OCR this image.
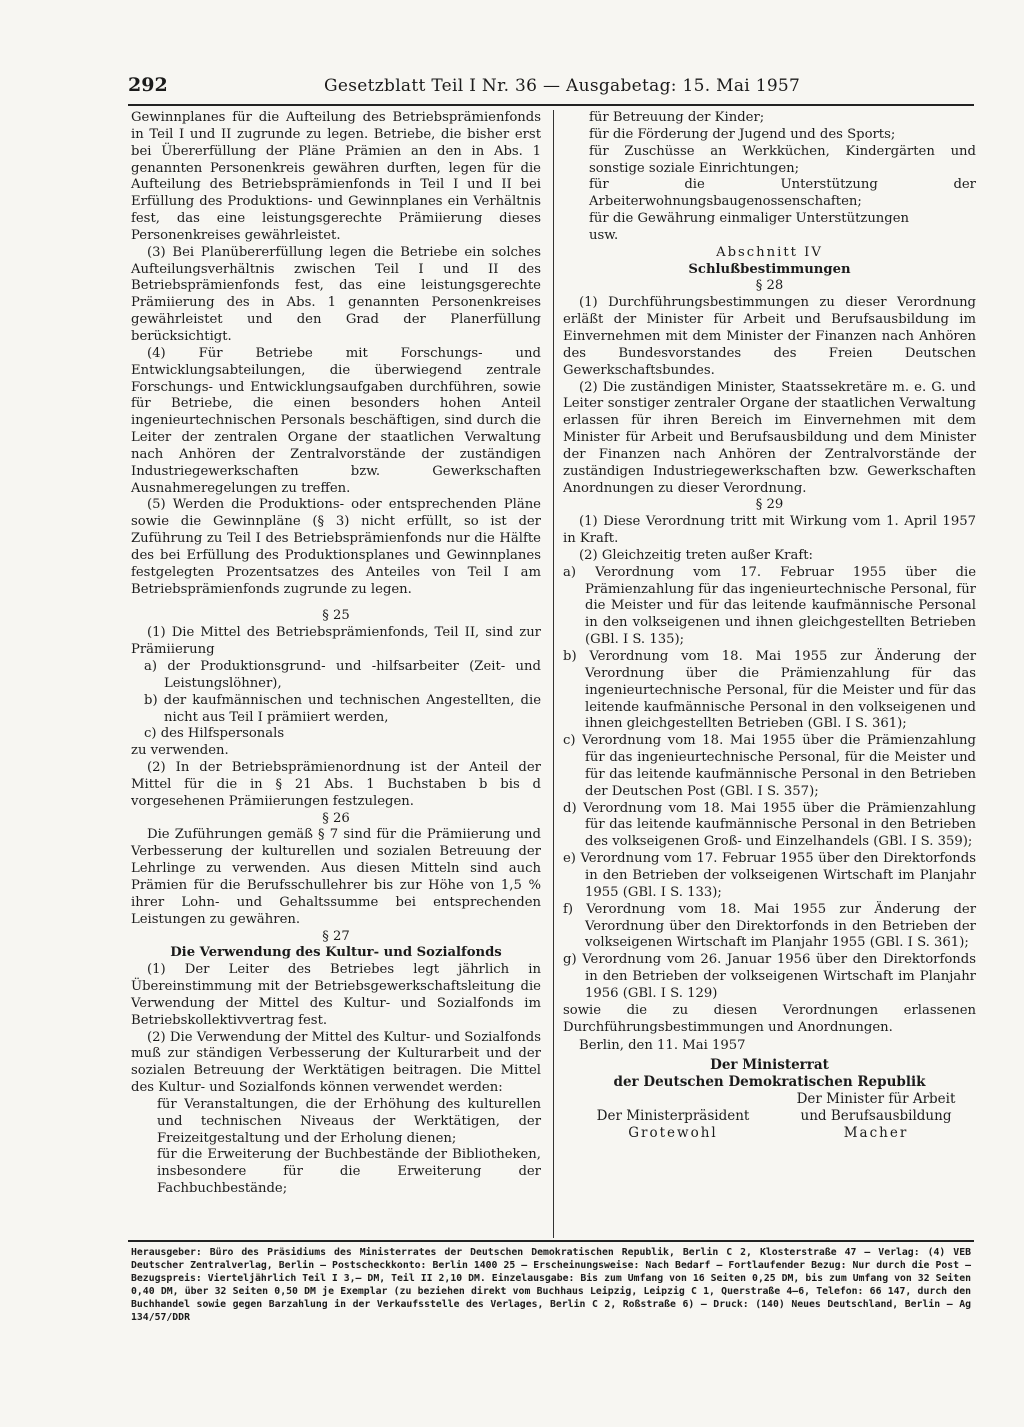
292	Gesetzblatt Teil I Nr. 36 — Ausgabetag: 15. Mai 1957

Gewinnplanes für die Aufteilung des Betriebsprämienfonds in Teil I und II zugrunde zu legen. Betriebe, die bisher erst bei Übererfüllung der Pläne Prämien an den in Abs. 1 genannten Personenkreis gewähren durften, legen für die Aufteilung des Betriebsprämienfonds in Teil I und II bei Erfüllung des Produktions- und Gewinnplanes ein Verhältnis fest, das eine leistungsgerechte Prämiierung dieses Personenkreises gewährleistet.

(3) Bei Planübererfüllung legen die Betriebe ein solches Aufteilungsverhältnis zwischen Teil I und II des Betriebsprämienfonds fest, das eine leistungsgerechte Prämiierung des in Abs. 1 genannten Personenkreises gewährleistet und den Grad der Planerfüllung berücksichtigt.

(4) Für Betriebe mit Forschungs- und Entwicklungsabteilungen, die überwiegend zentrale Forschungs- und Entwicklungsaufgaben durchführen, sowie für Betriebe, die einen besonders hohen Anteil ingenieurtechnischen Personals beschäftigen, sind durch die Leiter der zentralen Organe der staatlichen Verwaltung nach Anhören der Zentralvorstände der zuständigen Industriegewerkschaften bzw. Gewerkschaften Ausnahmeregelungen zu treffen.

(5) Werden die Produktions- oder entsprechenden Pläne sowie die Gewinnpläne (§ 3) nicht erfüllt, so ist der Zuführung zu Teil I des Betriebsprämienfonds nur die Hälfte des bei Erfüllung des Produktionsplanes und Gewinnplanes festgelegten Prozentsatzes des Anteiles von Teil I am Betriebsprämienfonds zugrunde zu legen.

§ 25

(1) Die Mittel des Betriebsprämienfonds, Teil II, sind zur Prämiierung

a) der Produktionsgrund- und -hilfsarbeiter (Zeit- und Leistungslöhner),

b) der kaufmännischen und technischen Angestellten, die nicht aus Teil I prämiiert werden,

c) des Hilfspersonals

zu verwenden.

(2) In der Betriebsprämienordnung ist der Anteil der Mittel für die in § 21 Abs. 1 Buchstaben b bis d vorgesehenen Prämiierungen festzulegen.

§ 26

Die Zuführungen gemäß § 7 sind für die Prämiierung und Verbesserung der kulturellen und sozialen Betreuung der Lehrlinge zu verwenden. Aus diesen Mitteln sind auch Prämien für die Berufsschullehrer bis zur Höhe von 1,5 % ihrer Lohn- und Gehaltssumme bei entsprechenden Leistungen zu gewähren.

§ 27

Die Verwendung des Kultur- und Sozialfonds

(1) Der Leiter des Betriebes legt jährlich in Übereinstimmung mit der Betriebsgewerkschaftsleitung die Verwendung der Mittel des Kultur- und Sozialfonds im Betriebskollektivvertrag fest.

(2) Die Verwendung der Mittel des Kultur- und Sozialfonds muß zur ständigen Verbesserung der Kulturarbeit und der sozialen Betreuung der Werktätigen beitragen. Die Mittel des Kultur- und Sozialfonds können verwendet werden:

für Veranstaltungen, die der Erhöhung des kulturellen und technischen Niveaus der Werktätigen, der Freizeitgestaltung und der Erholung dienen;

für die Erweiterung der Buchbestände der Bibliotheken, insbesondere für die Erweiterung der Fachbuchbestände;

für Betreuung der Kinder;

für die Förderung der Jugend und des Sports;

für Zuschüsse an Werkküchen, Kindergärten und sonstige soziale Einrichtungen;

für die Unterstützung der Arbeiterwohnungsbaugenossenschaften;

für die Gewährung einmaliger Unterstützungen

usw.

Abschnitt IV

Schlußbestimmungen

§ 28

(1) Durchführungsbestimmungen zu dieser Verordnung erläßt der Minister für Arbeit und Berufsausbildung im Einvernehmen mit dem Minister der Finanzen nach Anhören des Bundesvorstandes des Freien Deutschen Gewerkschaftsbundes.

(2) Die zuständigen Minister, Staatssekretäre m. e. G. und Leiter sonstiger zentraler Organe der staatlichen Verwaltung erlassen für ihren Bereich im Einvernehmen mit dem Minister für Arbeit und Berufsausbildung und dem Minister der Finanzen nach Anhören der Zentralvorstände der zuständigen Industriegewerkschaften bzw. Gewerkschaften Anordnungen zu dieser Verordnung.

§ 29

(1) Diese Verordnung tritt mit Wirkung vom 1. April 1957 in Kraft.

(2) Gleichzeitig treten außer Kraft:

a) Verordnung vom 17. Februar 1955 über die Prämienzahlung für das ingenieurtechnische Personal, für die Meister und für das leitende kaufmännische Personal in den volkseigenen und ihnen gleichgestellten Betrieben (GBl. I S. 135);

b) Verordnung vom 18. Mai 1955 zur Änderung der Verordnung über die Prämienzahlung für das ingenieurtechnische Personal, für die Meister und für das leitende kaufmännische Personal in den volkseigenen und ihnen gleichgestellten Betrieben (GBl. I S. 361);

c) Verordnung vom 18. Mai 1955 über die Prämienzahlung für das ingenieurtechnische Personal, für die Meister und für das leitende kaufmännische Personal in den Betrieben der Deutschen Post (GBl. I S. 357);

d) Verordnung vom 18. Mai 1955 über die Prämienzahlung für das leitende kaufmännische Personal in den Betrieben des volkseigenen Groß- und Einzelhandels (GBl. I S. 359);

e) Verordnung vom 17. Februar 1955 über den Direktorfonds in den Betrieben der volkseigenen Wirtschaft im Planjahr 1955 (GBl. I S. 133);

f) Verordnung vom 18. Mai 1955 zur Änderung der Verordnung über den Direktorfonds in den Betrieben der volkseigenen Wirtschaft im Planjahr 1955 (GBl. I S. 361);

g) Verordnung vom 26. Januar 1956 über den Direktorfonds in den Betrieben der volkseigenen Wirtschaft im Planjahr 1956 (GBl. I S. 129)

sowie die zu diesen Verordnungen erlassenen Durchführungsbestimmungen und Anordnungen.

Berlin, den 11. Mai 1957

Der Ministerrat

der Deutschen Demokratischen Republik

Der Ministerpräsident
Grotewohl
Der Minister für Arbeit
und Berufsausbildung
Macher
Herausgeber: Büro des Präsidiums des Ministerrates der Deutschen Demokratischen Republik, Berlin C 2, Klosterstraße 47 — Verlag: (4) VEB Deutscher Zentralverlag, Berlin — Postscheckkonto: Berlin 1400 25 — Erscheinungsweise: Nach Bedarf — Fortlaufender Bezug: Nur durch die Post — Bezugspreis: Vierteljährlich Teil I 3,— DM, Teil II 2,10 DM. Einzelausgabe: Bis zum Umfang von 16 Seiten 0,25 DM, bis zum Umfang von 32 Seiten 0,40 DM, über 32 Seiten 0,50 DM je Exemplar (zu beziehen direkt vom Buchhaus Leipzig, Leipzig C 1, Querstraße 4—6, Telefon: 66 147, durch den Buchhandel sowie gegen Barzahlung in der Verkaufsstelle des Verlages, Berlin C 2, Roßstraße 6) — Druck: (140) Neues Deutschland, Berlin — Ag 134/57/DDR
